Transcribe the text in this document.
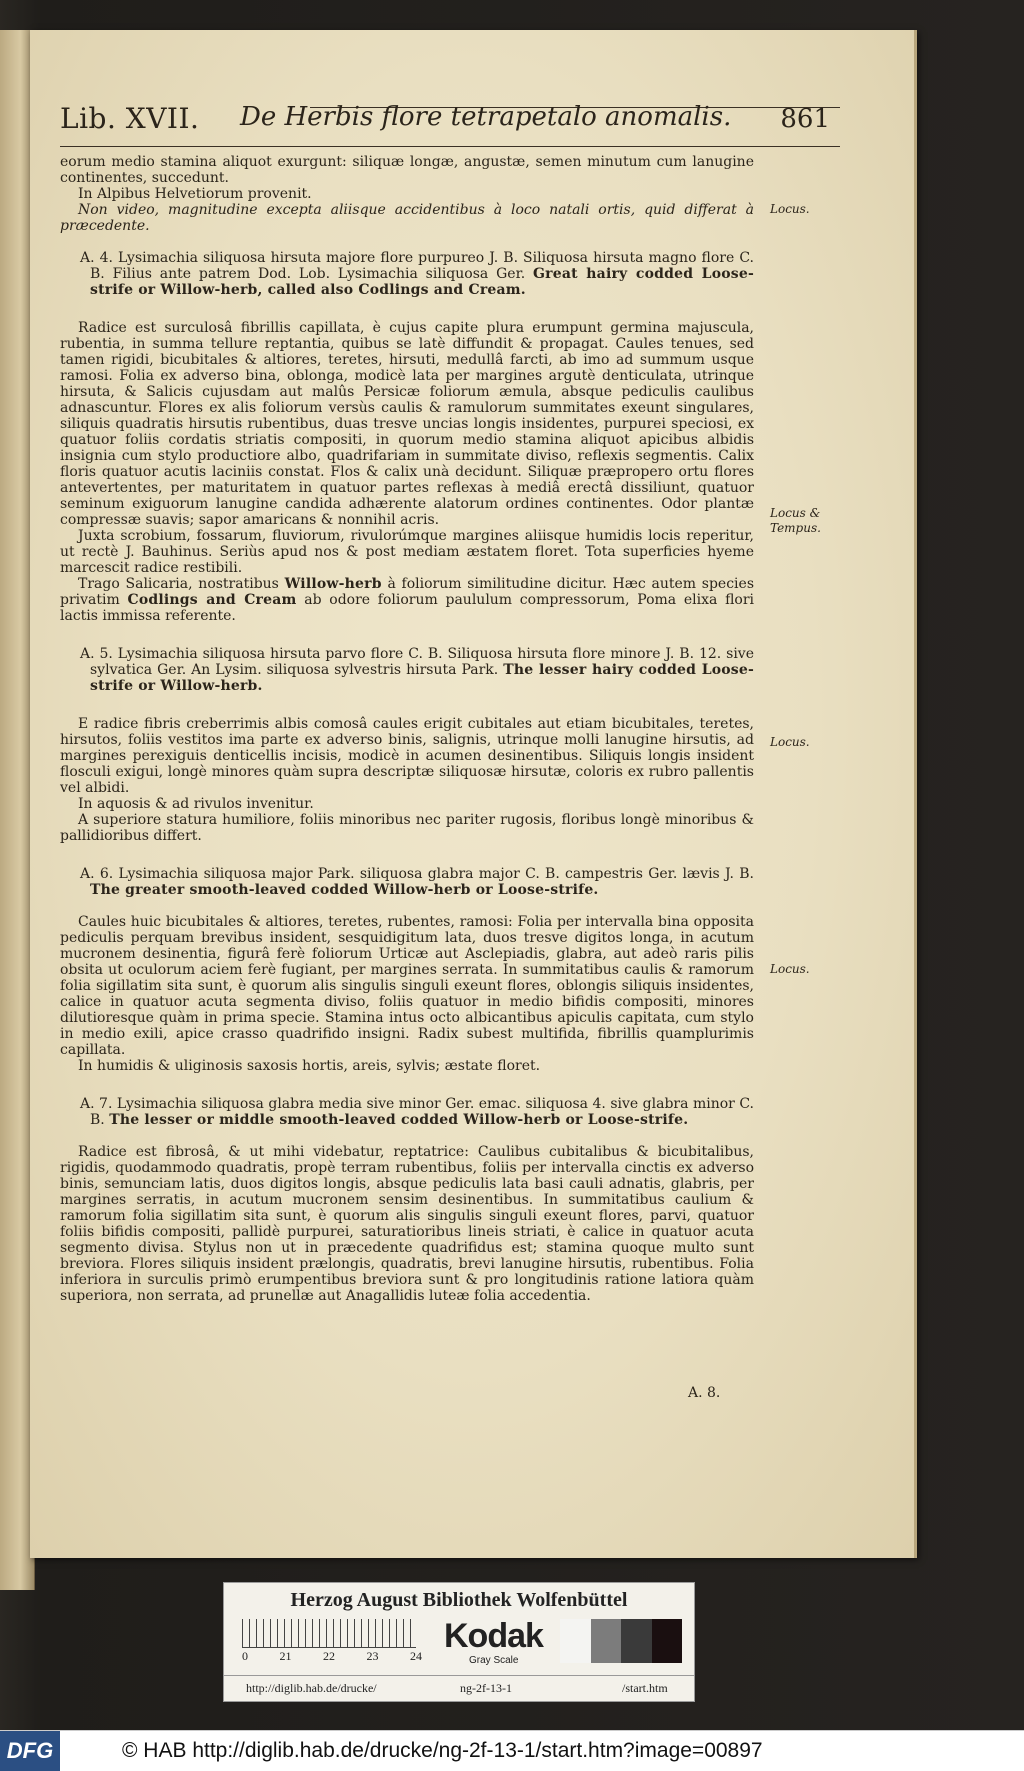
Lib. XVII. De Herbis flore tetrapetalo anomalis. 861
Locus.
Locus & Tempus.
Locus.
Locus.

eorum medio stamina aliquot exurgunt: siliquæ longæ, angustæ, semen minutum cum lanugine continentes, succedunt.

In Alpibus Helvetiorum provenit.

Non video, magnitudine excepta aliisque accidentibus à loco natali ortis, quid differat à præcedente.

A. 4. Lysimachia siliquosa hirsuta majore flore purpureo J. B. Siliquosa hirsuta magno flore C. B. Filius ante patrem Dod. Lob. Lysimachia siliquosa Ger. Great hairy codded Loose-strife or Willow-herb, called also Codlings and Cream.

Radice est surculosâ fibrillis capillata, è cujus capite plura erumpunt germina majuscula, rubentia, in summa tellure reptantia, quibus se latè diffundit & propagat. Caules tenues, sed tamen rigidi, bicubitales & altiores, teretes, hirsuti, medullâ farcti, ab imo ad summum usque ramosi. Folia ex adverso bina, oblonga, modicè lata per margines argutè denticulata, utrinque hirsuta, & Salicis cujusdam aut malûs Persicæ foliorum æmula, absque pediculis caulibus adnascuntur. Flores ex alis foliorum versùs caulis & ramulorum summitates exeunt singulares, siliquis quadratis hirsutis rubentibus, duas tresve uncias longis insidentes, purpurei speciosi, ex quatuor foliis cordatis striatis compositi, in quorum medio stamina aliquot apicibus albidis insignia cum stylo productiore albo, quadrifariam in summitate diviso, reflexis segmentis. Calix floris quatuor acutis laciniis constat. Flos & calix unà decidunt. Siliquæ præpropero ortu flores antevertentes, per maturitatem in quatuor partes reflexas à mediâ erectâ dissiliunt, quatuor seminum exiguorum lanugine candida adhærente alatorum ordines continentes. Odor plantæ compressæ suavis; sapor amaricans & nonnihil acris.

Juxta scrobium, fossarum, fluviorum, rivulorúmque margines aliisque humidis locis reperitur, ut rectè J. Bauhinus. Seriùs apud nos & post mediam æstatem floret. Tota superficies hyeme marcescit radice restibili.

Trago Salicaria, nostratibus Willow-herb à foliorum similitudine dicitur. Hæc autem species privatim Codlings and Cream ab odore foliorum paululum compressorum, Poma elixa flori lactis immissa referente.

A. 5. Lysimachia siliquosa hirsuta parvo flore C. B. Siliquosa hirsuta flore minore J. B. 12. sive sylvatica Ger. An Lysim. siliquosa sylvestris hirsuta Park. The lesser hairy codded Loose-strife or Willow-herb.

E radice fibris creberrimis albis comosâ caules erigit cubitales aut etiam bicubitales, teretes, hirsutos, foliis vestitos ima parte ex adverso binis, salignis, utrinque molli lanugine hirsutis, ad margines perexiguis denticellis incisis, modicè in acumen desinentibus. Siliquis longis insident flosculi exigui, longè minores quàm supra descriptæ siliquosæ hirsutæ, coloris ex rubro pallentis vel albidi.

In aquosis & ad rivulos invenitur.

A superiore statura humiliore, foliis minoribus nec pariter rugosis, floribus longè minoribus & pallidioribus differt.

A. 6. Lysimachia siliquosa major Park. siliquosa glabra major C. B. campestris Ger. lævis J. B. The greater smooth-leaved codded Willow-herb or Loose-strife.

Caules huic bicubitales & altiores, teretes, rubentes, ramosi: Folia per intervalla bina opposita pediculis perquam brevibus insident, sesquidigitum lata, duos tresve digitos longa, in acutum mucronem desinentia, figurâ ferè foliorum Urticæ aut Asclepiadis, glabra, aut adeò raris pilis obsita ut oculorum aciem ferè fugiant, per margines serrata. In summitatibus caulis & ramorum folia sigillatim sita sunt, è quorum alis singulis singuli exeunt flores, oblongis siliquis insidentes, calice in quatuor acuta segmenta diviso, foliis quatuor in medio bifidis compositi, minores dilutioresque quàm in prima specie. Stamina intus octo albicantibus apiculis capitata, cum stylo in medio exili, apice crasso quadrifido insigni. Radix subest multifida, fibrillis quamplurimis capillata.

In humidis & uliginosis saxosis hortis, areis, sylvis; æstate floret.

A. 7. Lysimachia siliquosa glabra media sive minor Ger. emac. siliquosa 4. sive glabra minor C. B. The lesser or middle smooth-leaved codded Willow-herb or Loose-strife.

Radice est fibrosâ, & ut mihi videbatur, reptatrice: Caulibus cubitalibus & bicubitalibus, rigidis, quodammodo quadratis, propè terram rubentibus, foliis per intervalla cinctis ex adverso binis, semunciam latis, duos digitos longis, absque pediculis lata basi cauli adnatis, glabris, per margines serratis, in acutum mucronem sensim desinentibus. In summitatibus caulium & ramorum folia sigillatim sita sunt, è quorum alis singulis singuli exeunt flores, parvi, quatuor foliis bifidis compositi, pallidè purpurei, saturatioribus lineis striati, è calice in quatuor acuta segmento divisa. Stylus non ut in præcedente quadrifidus est; stamina quoque multo sunt breviora. Flores siliquis insident prælongis, quadratis, brevi lanugine hirsutis, rubentibus. Folia inferiora in surculis primò erumpentibus breviora sunt & pro longitudinis ratione latiora quàm superiora, non serrata, ad prunellæ aut Anagallidis luteæ folia accedentia.

A. 8.
Herzog August Bibliothek Wolfenbüttel
0	21	22	23	24
Kodak
Gray Scale
http://diglib.hab.de/drucke/	ng-2f-13-1	/start.htm
DFG	© HAB http://diglib.hab.de/drucke/ng-2f-13-1/start.htm?image=00897
